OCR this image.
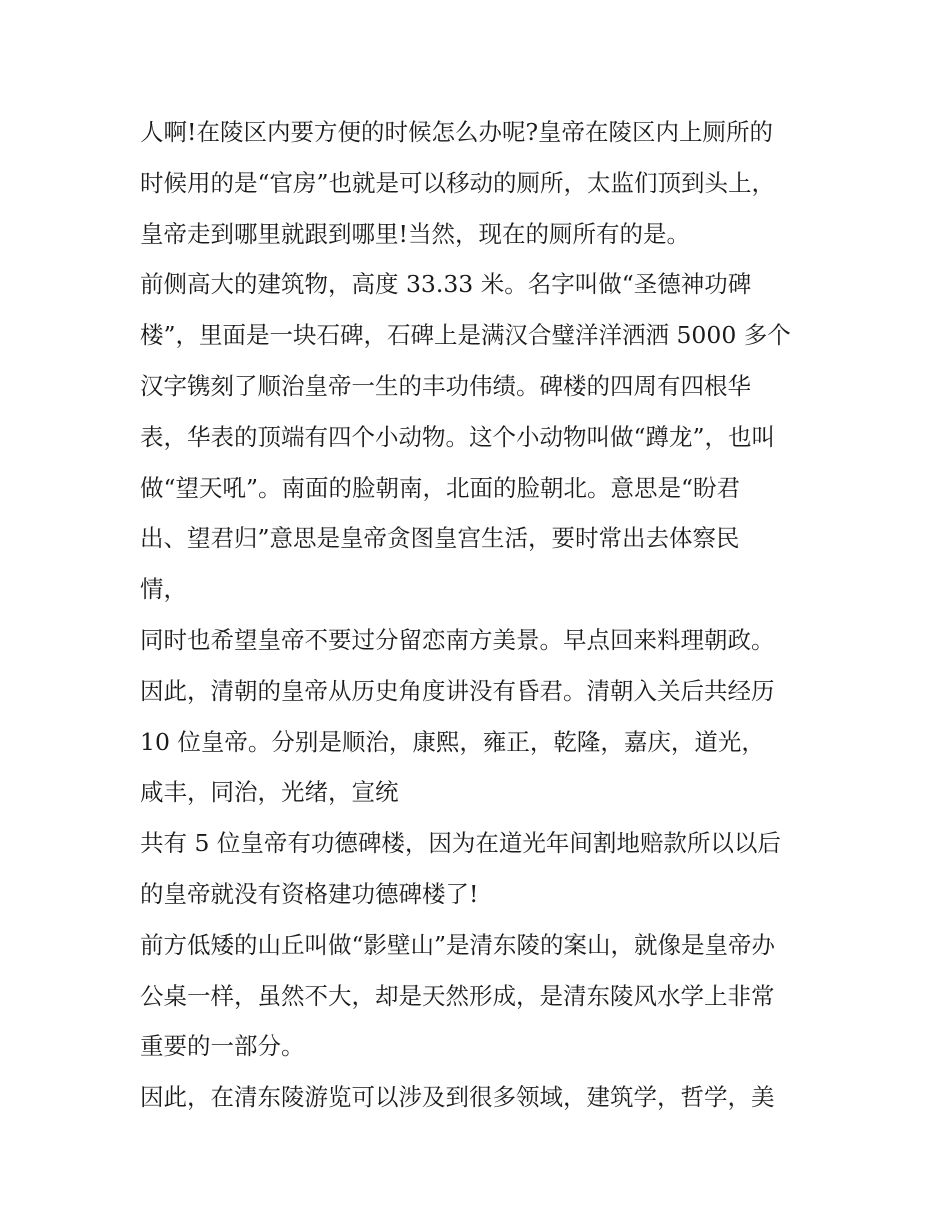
人啊!在陵区内要方便的时候怎么办呢?皇帝在陵区内上厕所的
时候用的是“官房”也就是可以移动的厕所，太监们顶到头上，
皇帝走到哪里就跟到哪里!当然，现在的厕所有的是。
前侧高大的建筑物，高度 33.33 米。名字叫做“圣德神功碑
楼”，里面是一块石碑，石碑上是满汉合璧洋洋洒洒 5000 多个
汉字镌刻了顺治皇帝一生的丰功伟绩。碑楼的四周有四根华
表，华表的顶端有四个小动物。这个小动物叫做“蹲龙”，也叫
做“望天吼”。南面的脸朝南，北面的脸朝北。意思是“盼君
出、望君归”意思是皇帝贪图皇宫生活，要时常出去体察民
情，
同时也希望皇帝不要过分留恋南方美景。早点回来料理朝政。
因此，清朝的皇帝从历史角度讲没有昏君。清朝入关后共经历
10 位皇帝。分别是顺治，康熙，雍正，乾隆，嘉庆，道光，
咸丰，同治，光绪，宣统
共有 5 位皇帝有功德碑楼，因为在道光年间割地赔款所以以后
的皇帝就没有资格建功德碑楼了!
前方低矮的山丘叫做“影壁山”是清东陵的案山，就像是皇帝办
公桌一样，虽然不大，却是天然形成，是清东陵风水学上非常
重要的一部分。
因此，在清东陵游览可以涉及到很多领域，建筑学，哲学，美
